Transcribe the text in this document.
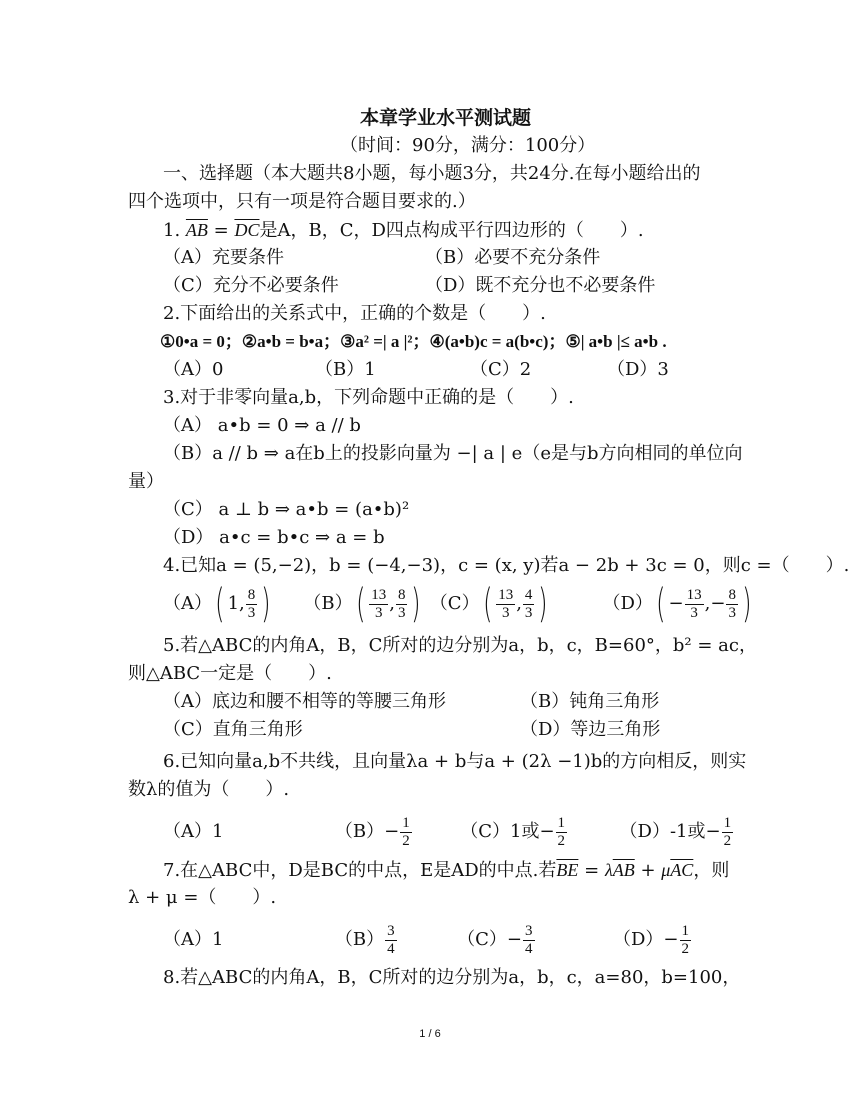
本章学业水平测试题
（时间：90分，满分：100分）
一、选择题（本大题共8小题，每小题3分，共24分.在每小题给出的
四个选项中，只有一项是符合题目要求的.）
1. $\overline{AB} = \overline{DC}$是A，B，C，D四点构成平行四边形的（　　）.
（A）充要条件	（B）必要不充分条件
（C）充分不必要条件	（D）既不充分也不必要条件
2.下面给出的关系式中，正确的个数是（　　）.
①0•a = 0；②a•b = b•a；③a² =| a |²；④(a•b)c = a(b•c)；⑤| a•b |≤ a•b .
（A）0	（B）1	（C）2	（D）3
3.对于非零向量a,b，下列命题中正确的是（　　）.
（A） a•b = 0 ⇒ a // b
（B）a // b ⇒ a在b上的投影向量为 −| a | e（e是与b方向相同的单位向
量）
（C） a ⊥ b ⇒ a•b = (a•b)²
（D） a•c = b•c ⇒ a = b
4.已知a = (5,−2)，b = (−4,−3)，c = (x, y)若a − 2b + 3c = 0，则c =（　　）.
（A）( 1, $\frac{8}{3}$ ) $(B)( \frac{13}{3}$ , $\frac{8}{3}$ ) $(C)( \frac{13}{3}$ , $\frac{4}{3}$ )	$(D)( - \frac{13}{3}$ ,− $\frac{8}{3}$ )
5.若△ABC的内角A，B，C所对的边分别为a，b，c，B=60°，b² = ac，
则△ABC一定是（　　）.
（A）底边和腰不相等的等腰三角形	（B）钝角三角形
（C）直角三角形	（D）等边三角形
6.已知向量a,b不共线，且向量λa + b与a + (2λ −1)b的方向相反，则实
数λ的值为（　　）.
（A）1	$(B)- \frac{1}{2}$	（C）1或− $\frac{1}{2}$	（D）-1或− $\frac{1}{2}$
7.在△ABC中，D是BC的中点，E是AD的中点.若$\overline{BE} = \lambda\overline{AB} + \mu\overline{AC}$，则
λ + μ =（　　）.
（A）1	$(B) \frac{3}{4}$	$(C)- \frac{3}{4}$	$(D)- \frac{1}{2}$
8.若△ABC的内角A，B，C所对的边分别为a，b，c，a=80，b=100，
1 / 6
